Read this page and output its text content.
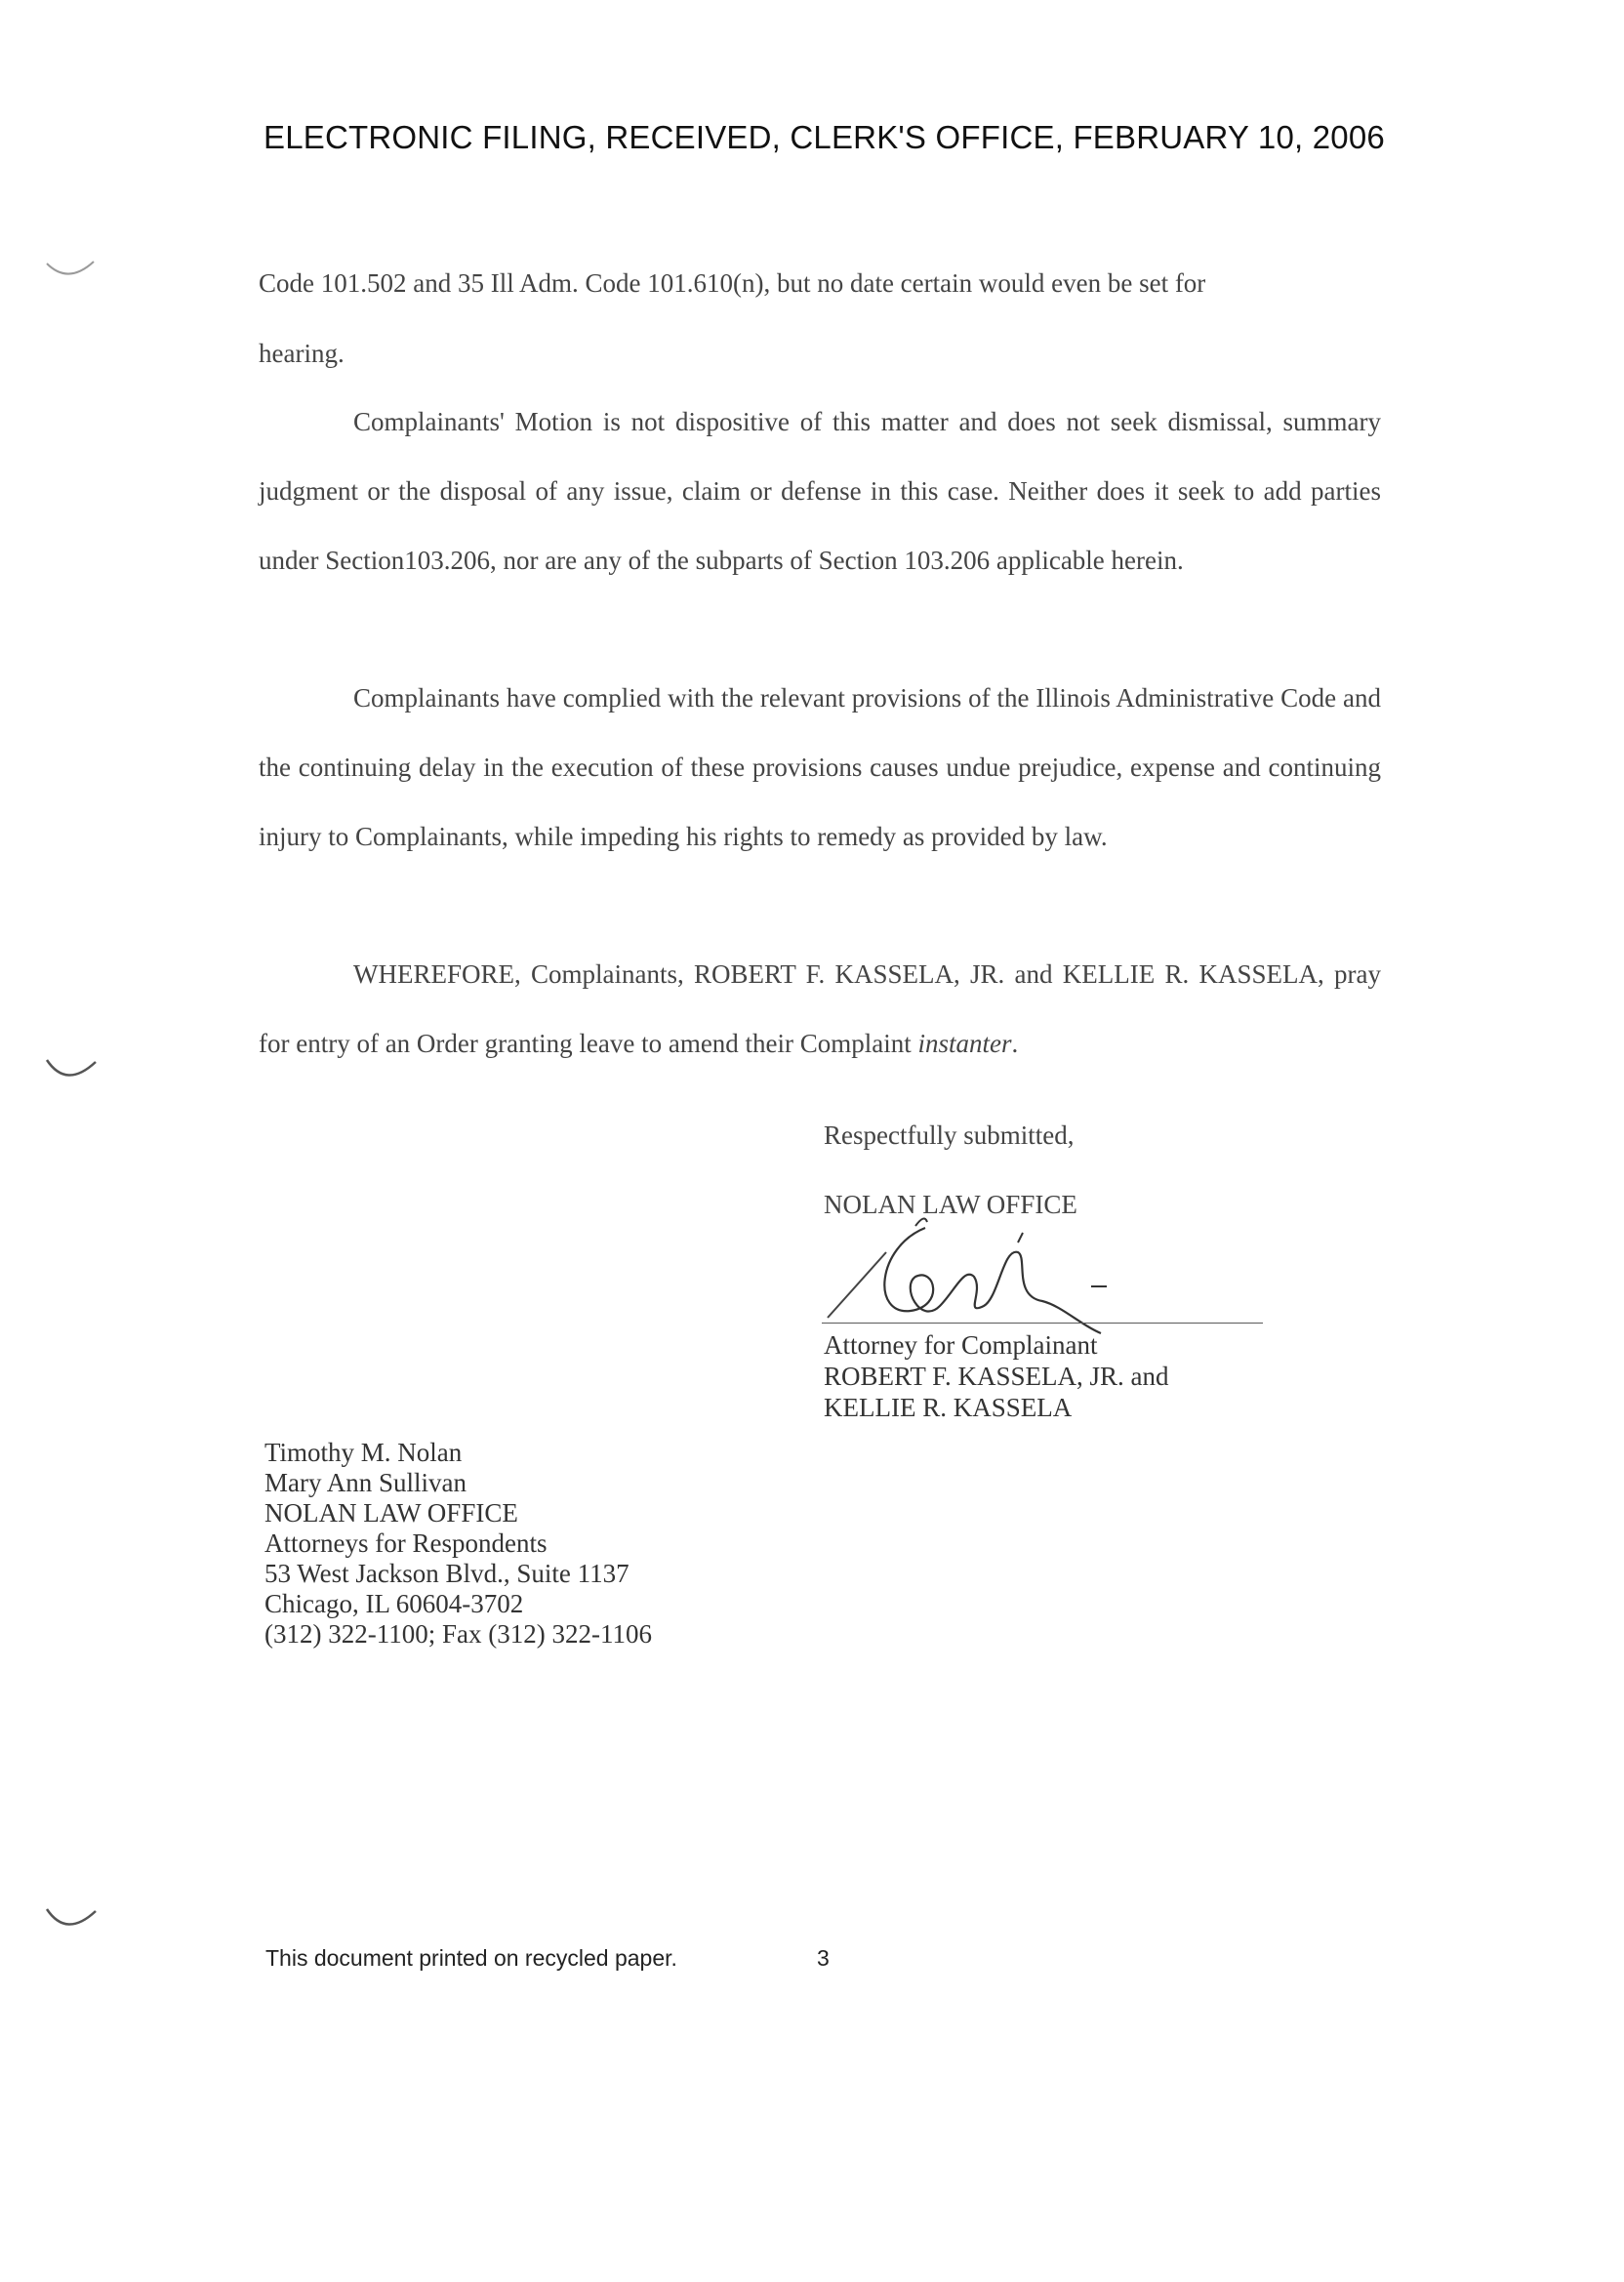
ELECTRONIC FILING, RECEIVED, CLERK'S OFFICE, FEBRUARY 10, 2006
Code 101.502 and 35 Ill Adm. Code 101.610(n), but no date certain would even be set for
hearing.

Complainants' Motion is not dispositive of this matter and does not seek dismissal, summary judgment or the disposal of any issue, claim or defense in this case. Neither does it seek to add parties under Section103.206, nor are any of the subparts of Section 103.206 applicable herein.

Complainants have complied with the relevant provisions of the Illinois Administrative Code and the continuing delay in the execution of these provisions causes undue prejudice, expense and continuing injury to Complainants, while impeding his rights to remedy as provided by law.

WHEREFORE, Complainants, ROBERT F. KASSELA, JR. and KELLIE R. KASSELA, pray for entry of an Order granting leave to amend their Complaint instanter.

Respectfully submitted,
NOLAN LAW OFFICE
Attorney for Complainant
ROBERT F. KASSELA, JR. and
KELLIE R. KASSELA
Timothy M. Nolan
Mary Ann Sullivan
NOLAN LAW OFFICE
Attorneys for Respondents
53 West Jackson Blvd., Suite 1137
Chicago, IL 60604-3702
(312) 322-1100; Fax (312) 322-1106
This document printed on recycled paper.	3
